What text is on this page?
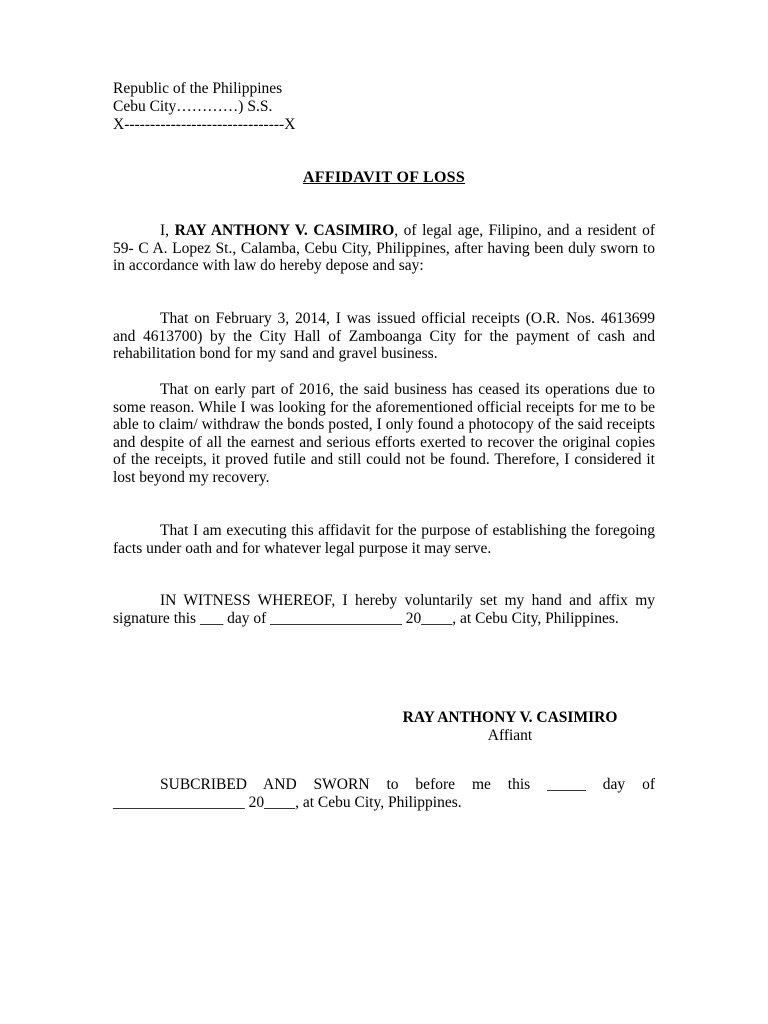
Republic of the Philippines
Cebu City…………) S.S.
X-------------------------------X
AFFIDAVIT OF LOSS

I, RAY ANTHONY V. CASIMIRO, of legal age, Filipino, and a resident of 59- C A. Lopez St., Calamba, Cebu City, Philippines, after having been duly sworn to in accordance with law do hereby depose and say:

That on February 3, 2014, I was issued official receipts (O.R. Nos. 4613699 and 4613700) by the City Hall of Zamboanga City for the payment of cash and rehabilitation bond for my sand and gravel business.

That on early part of 2016, the said business has ceased its operations due to some reason. While I was looking for the aforementioned official receipts for me to be able to claim/ withdraw the bonds posted, I only found a photocopy of the said receipts and despite of all the earnest and serious efforts exerted to recover the original copies of the receipts, it proved futile and still could not be found. Therefore, I considered it lost beyond my recovery.

That I am executing this affidavit for the purpose of establishing the foregoing facts under oath and for whatever legal purpose it may serve.

IN WITNESS WHEREOF, I hereby voluntarily set my hand and affix my signature this ___ day of _________________ 20____, at Cebu City, Philippines.

RAY ANTHONY V. CASIMIRO
Affiant

SUBCRIBED AND SWORN to before me this _____ day of _________________ 20____, at Cebu City, Philippines.
